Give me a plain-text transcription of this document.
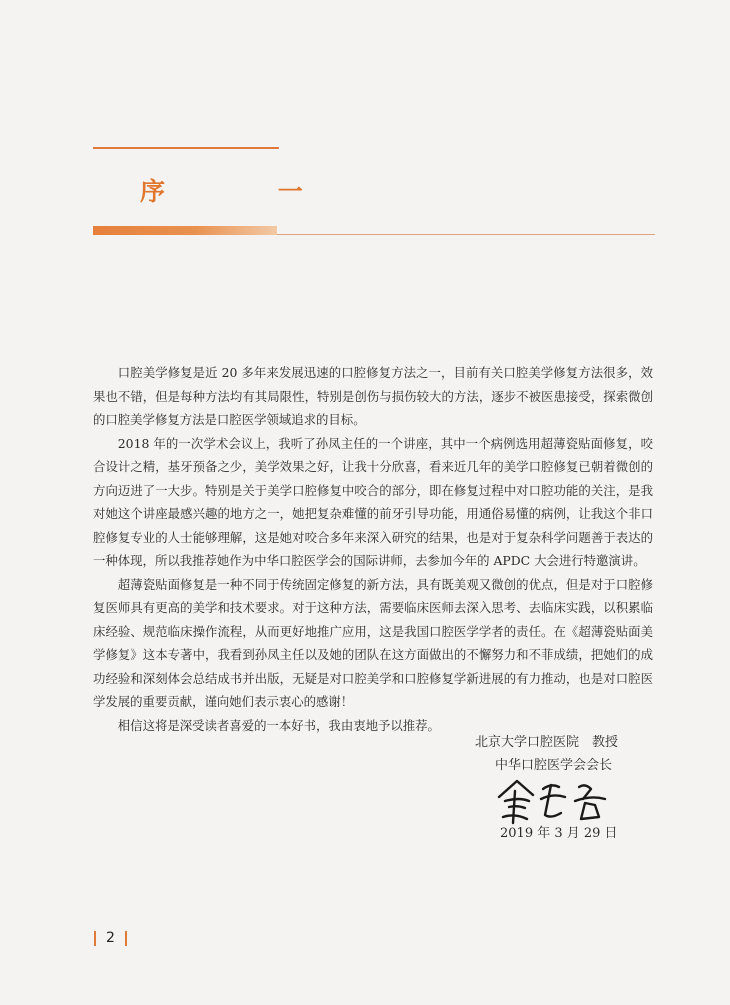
序 一

口腔美学修复是近 20 多年来发展迅速的口腔修复方法之一，目前有关口腔美学修复方法很多，效果也不错，但是每种方法均有其局限性，特别是创伤与损伤较大的方法，逐步不被医患接受，探索微创的口腔美学修复方法是口腔医学领域追求的目标。

2018 年的一次学术会议上，我听了孙凤主任的一个讲座，其中一个病例选用超薄瓷贴面修复，咬合设计之精，基牙预备之少，美学效果之好，让我十分欣喜，看来近几年的美学口腔修复已朝着微创的方向迈进了一大步。特别是关于美学口腔修复中咬合的部分，即在修复过程中对口腔功能的关注，是我对她这个讲座最感兴趣的地方之一，她把复杂难懂的前牙引导功能，用通俗易懂的病例，让我这个非口腔修复专业的人士能够理解，这是她对咬合多年来深入研究的结果，也是对于复杂科学问题善于表达的一种体现，所以我推荐她作为中华口腔医学会的国际讲师，去参加今年的 APDC 大会进行特邀演讲。

超薄瓷贴面修复是一种不同于传统固定修复的新方法，具有既美观又微创的优点，但是对于口腔修复医师具有更高的美学和技术要求。对于这种方法，需要临床医师去深入思考、去临床实践，以积累临床经验、规范临床操作流程，从而更好地推广应用，这是我国口腔医学学者的责任。在《超薄瓷贴面美学修复》这本专著中，我看到孙凤主任以及她的团队在这方面做出的不懈努力和不菲成绩，把她们的成功经验和深刻体会总结成书并出版，无疑是对口腔美学和口腔修复学新进展的有力推动，也是对口腔医学发展的重要贡献，谨向她们表示衷心的感谢！

相信这将是深受读者喜爱的一本好书，我由衷地予以推荐。

北京大学口腔医院　教授
中华口腔医学会会长
2019 年 3 月 29 日
2
